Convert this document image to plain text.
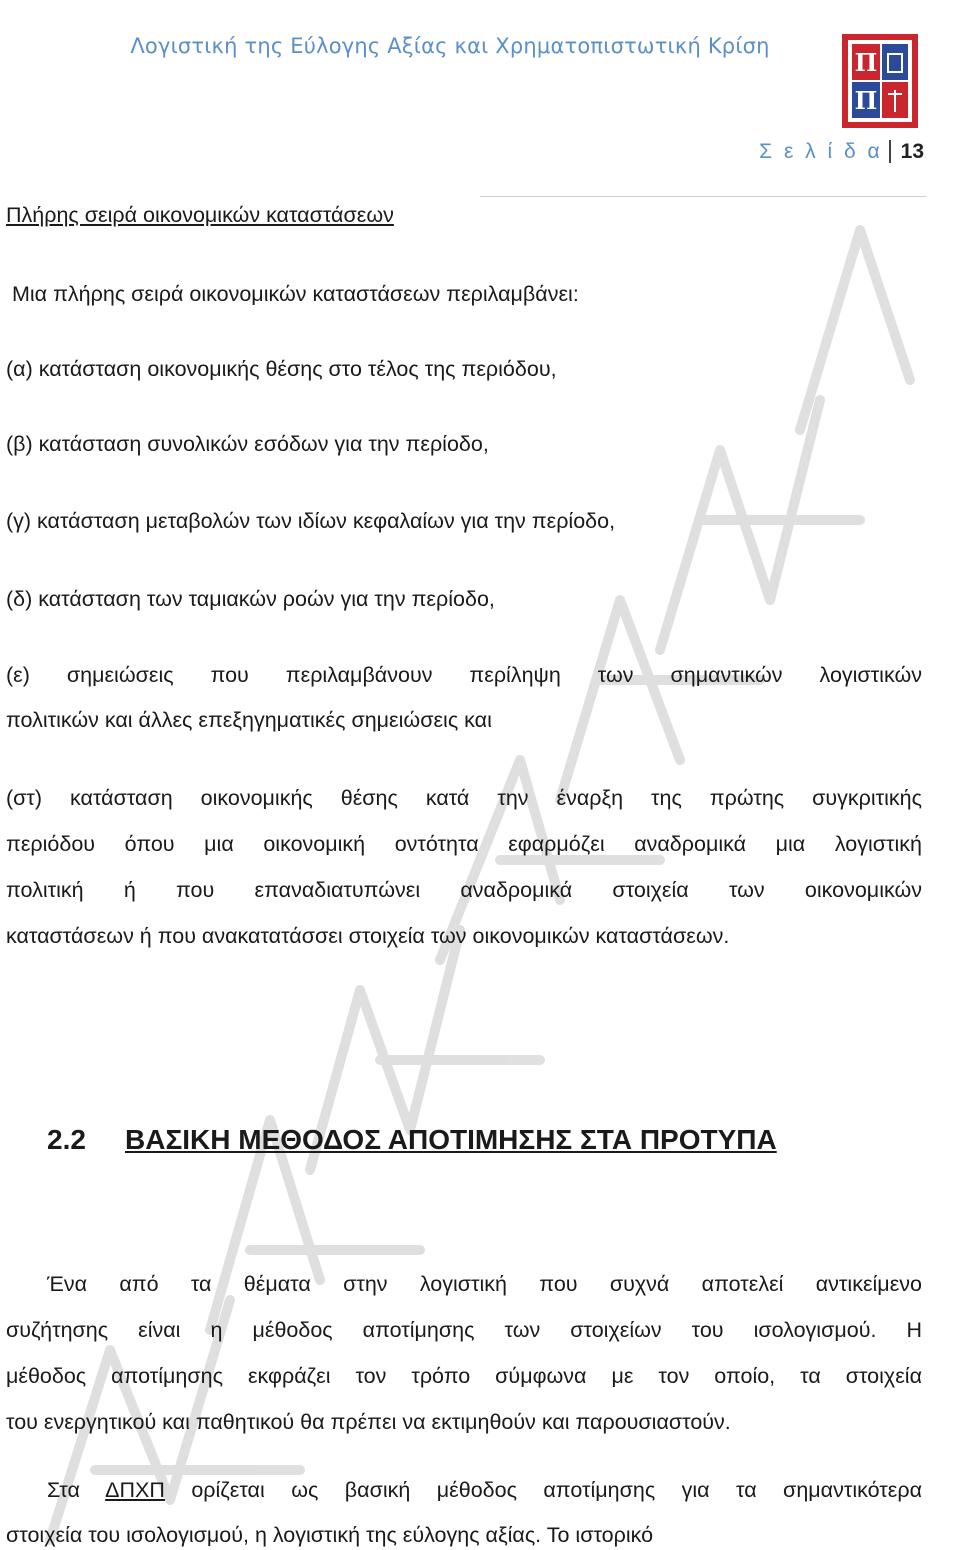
Λογιστική της Εύλογης Αξίας και Χρηματοπιστωτική Κρίση
Π
Π
Σ ε λ ί δ α 13
Πλήρης σειρά οικονομικών καταστάσεων
Μια πλήρης σειρά οικονομικών καταστάσεων περιλαμβάνει:
(α) κατάσταση οικονομικής θέσης στο τέλος της περιόδου,
(β) κατάσταση συνολικών εσόδων για την περίοδο,
(γ) κατάσταση μεταβολών των ιδίων κεφαλαίων για την περίοδο,
(δ) κατάσταση των ταμιακών ροών για την περίοδο,
(ε) σημειώσεις που περιλαμβάνουν περίληψη των σημαντικών λογιστικών
πολιτικών και άλλες επεξηγηματικές σημειώσεις και
(στ) κατάσταση οικονομικής θέσης κατά την έναρξη της πρώτης συγκριτικής
περιόδου όπου μια οικονομική οντότητα εφαρμόζει αναδρομικά μια λογιστική
πολιτική ή που επαναδιατυπώνει αναδρομικά στοιχεία των οικονομικών
καταστάσεων ή που ανακατατάσσει στοιχεία των οικονομικών καταστάσεων.
2.2 ΒΑΣΙΚΗ ΜΕΘΟΔΟΣ ΑΠΟΤΙΜΗΣΗΣ ΣΤΑ ΠΡΟΤΥΠΑ
Ένα από τα θέματα στην λογιστική που συχνά αποτελεί αντικείμενο
συζήτησης είναι η μέθοδος αποτίμησης των στοιχείων του ισολογισμού. Η
μέθοδος αποτίμησης εκφράζει τον τρόπο σύμφωνα με τον οποίο, τα στοιχεία
του ενεργητικού και παθητικού θα πρέπει να εκτιμηθούν και παρουσιαστούν.
Στα ΔΠΧΠ ορίζεται ως βασική μέθοδος αποτίμησης για τα σημαντικότερα
στοιχεία του ισολογισμού, η λογιστική της εύλογης αξίας. Το ιστορικό
